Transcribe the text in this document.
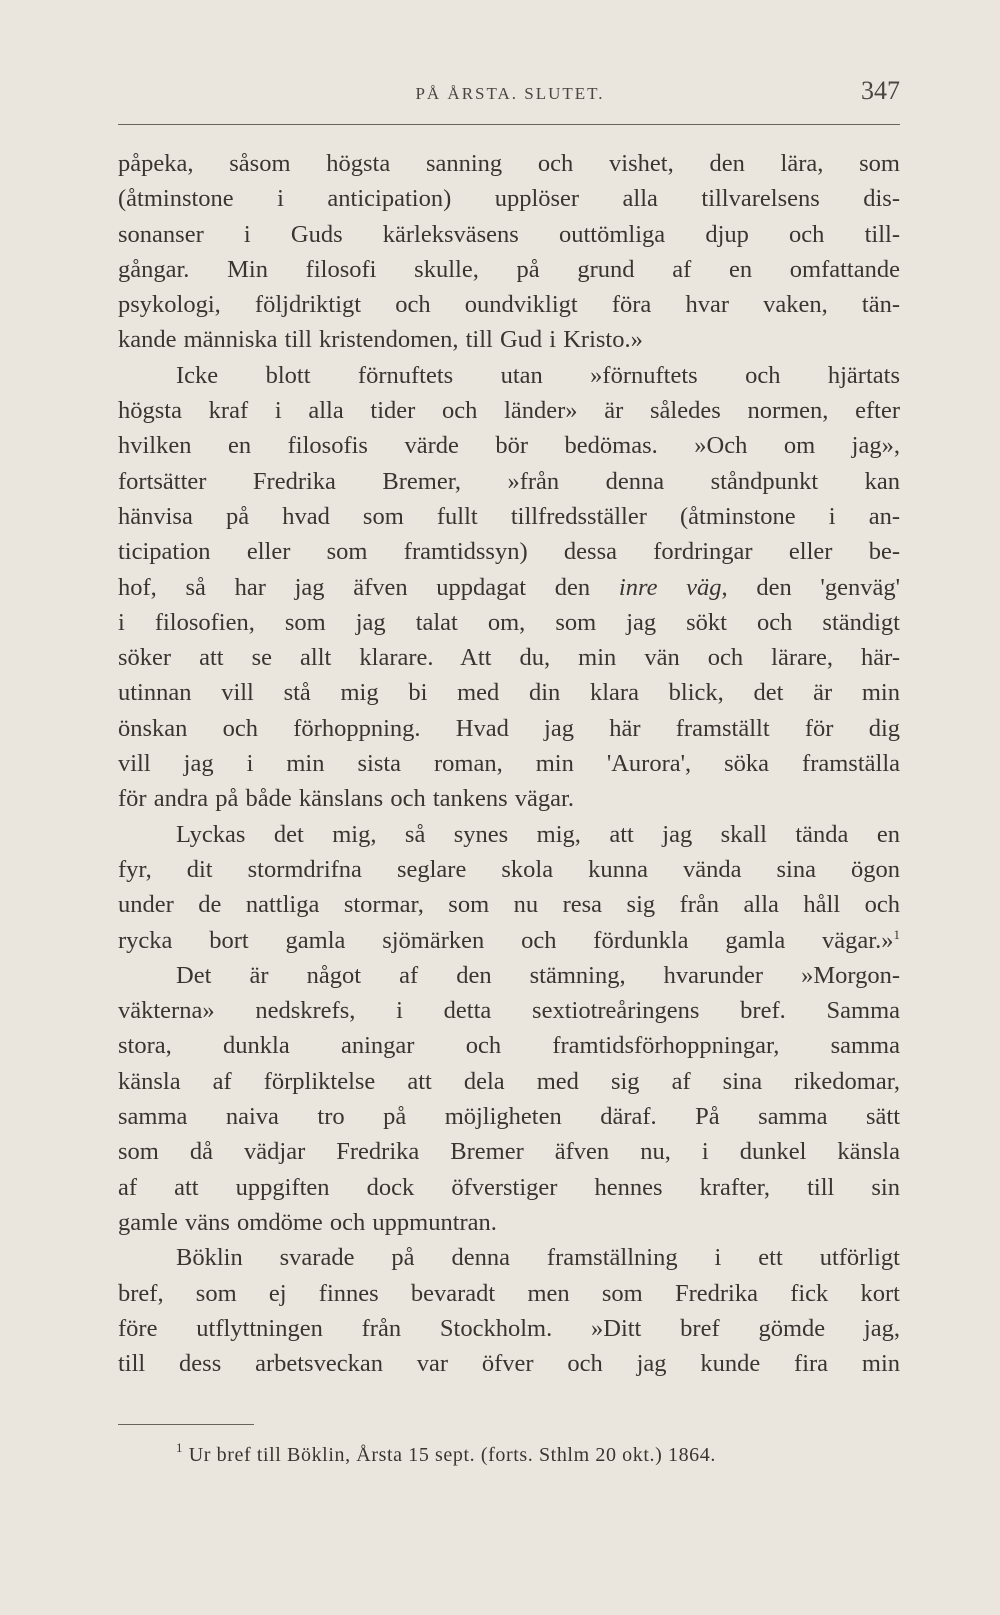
PÅ ÅRSTA. SLUTET.	347
påpeka, såsom högsta sanning och vishet, den lära, som
(åtminstone i anticipation) upplöser alla tillvarelsens dis-
sonanser i Guds kärleksväsens outtömliga djup och till-
gångar. Min filosofi skulle, på grund af en omfattande
psykologi, följdriktigt och oundvikligt föra hvar vaken, tän-
kande människa till kristendomen, till Gud i Kristo.»
Icke blott förnuftets utan »förnuftets och hjärtats
högsta kraf i alla tider och länder» är således normen, efter
hvilken en filosofis värde bör bedömas. »Och om jag»,
fortsätter Fredrika Bremer, »från denna ståndpunkt kan
hänvisa på hvad som fullt tillfredsställer (åtminstone i an-
ticipation eller som framtidssyn) dessa fordringar eller be-
hof, så har jag äfven uppdagat den inre väg, den 'genväg'
i filosofien, som jag talat om, som jag sökt och ständigt
söker att se allt klarare. Att du, min vän och lärare, här-
utinnan vill stå mig bi med din klara blick, det är min
önskan och förhoppning. Hvad jag här framställt för dig
vill jag i min sista roman, min 'Aurora', söka framställa
för andra på både känslans och tankens vägar.
Lyckas det mig, så synes mig, att jag skall tända en
fyr, dit stormdrifna seglare skola kunna vända sina ögon
under de nattliga stormar, som nu resa sig från alla håll och
rycka bort gamla sjömärken och fördunkla gamla vägar.»$^1$
Det är något af den stämning, hvarunder »Morgon-
väkterna» nedskrefs, i detta sextiotreåringens bref. Samma
stora, dunkla aningar och framtidsförhoppningar, samma
känsla af förpliktelse att dela med sig af sina rikedomar,
samma naiva tro på möjligheten däraf. På samma sätt
som då vädjar Fredrika Bremer äfven nu, i dunkel känsla
af att uppgiften dock öfverstiger hennes krafter, till sin
gamle väns omdöme och uppmuntran.
Böklin svarade på denna framställning i ett utförligt
bref, som ej finnes bevaradt men som Fredrika fick kort
före utflyttningen från Stockholm. »Ditt bref gömde jag,
till dess arbetsveckan var öfver och jag kunde fira min
$^1$ Ur bref till Böklin, Årsta 15 sept. (forts. Sthlm 20 okt.) 1864.
